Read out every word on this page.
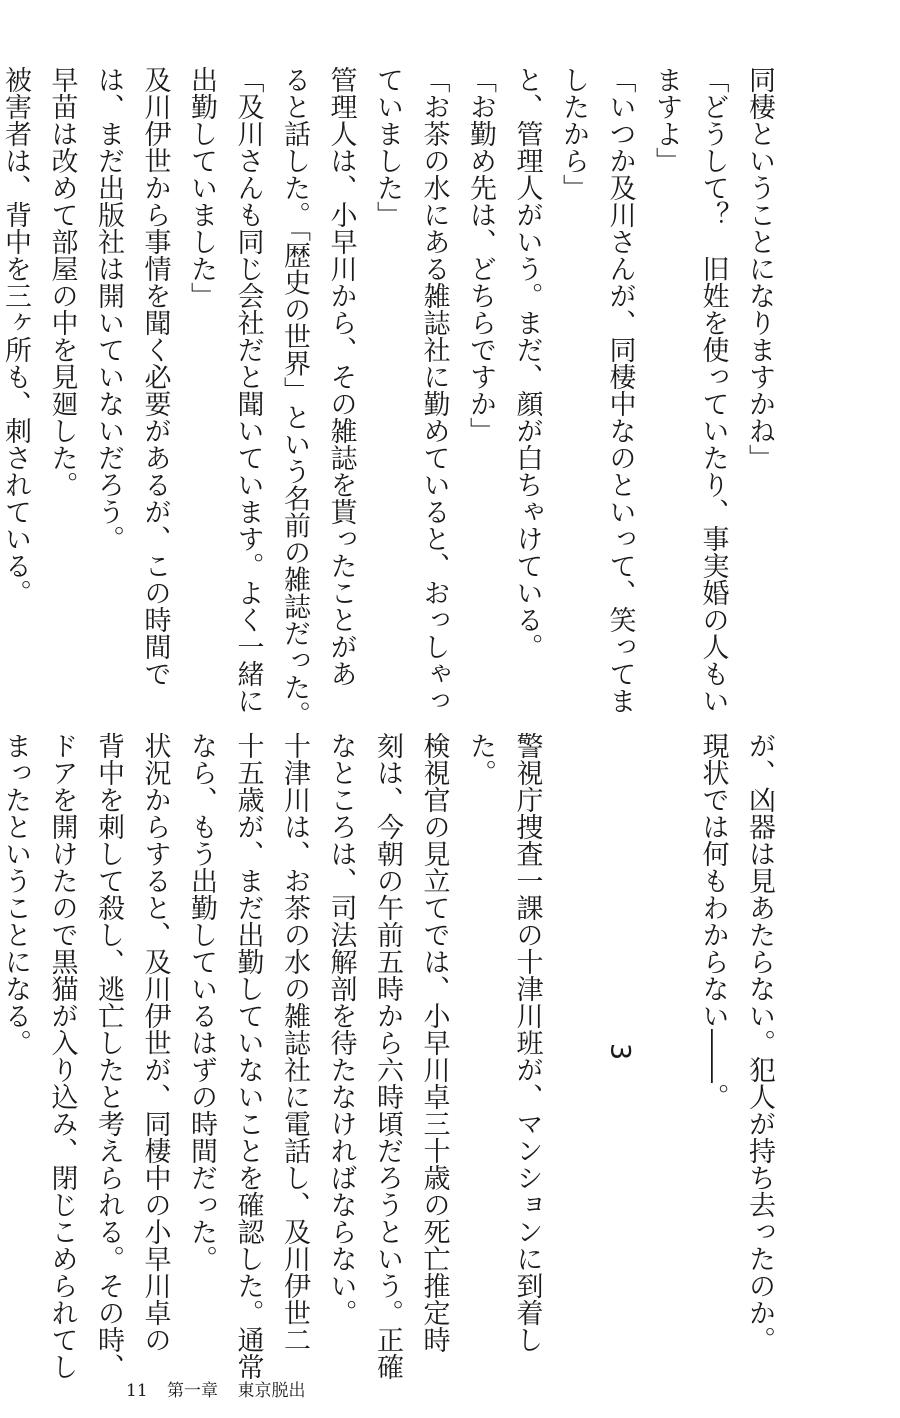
同棲ということになりますかね」
「どうして？　旧姓を使っていたり、事実婚の人もい
ますよ」
「いつか及川さんが、同棲中なのといって、笑ってま
したから」
と、管理人がいう。まだ、顔が白ちゃけている。
「お勤め先は、どちらですか」
「お茶の水にある雑誌社に勤めていると、おっしゃっ
ていました」
管理人は、小早川から、その雑誌を貰ったことがあ
ると話した。「歴史の世界」という名前の雑誌だった。
「及川さんも同じ会社だと聞いています。よく一緒に
出勤していました」
及川伊世から事情を聞く必要があるが、この時間で
は、まだ出版社は開いていないだろう。
早苗は改めて部屋の中を見廻した。
被害者は、背中を三ヶ所も、刺されている。
が、凶器は見あたらない。犯人が持ち去ったのか。
現状では何もわからない――。

3

警視庁捜査一課の十津川班が、マンションに到着し
た。
検視官の見立てでは、小早川卓三十歳の死亡推定時
刻は、今朝の午前五時から六時頃だろうという。正確
なところは、司法解剖を待たなければならない。
十津川は、お茶の水の雑誌社に電話し、及川伊世二
十五歳が、まだ出勤していないことを確認した。通常
なら、もう出勤しているはずの時間だった。
状況からすると、及川伊世が、同棲中の小早川卓の
背中を刺して殺し、逃亡したと考えられる。その時、
ドアを開けたので黒猫が入り込み、閉じこめられてし
まったということになる。
11 第一章 東京脱出
